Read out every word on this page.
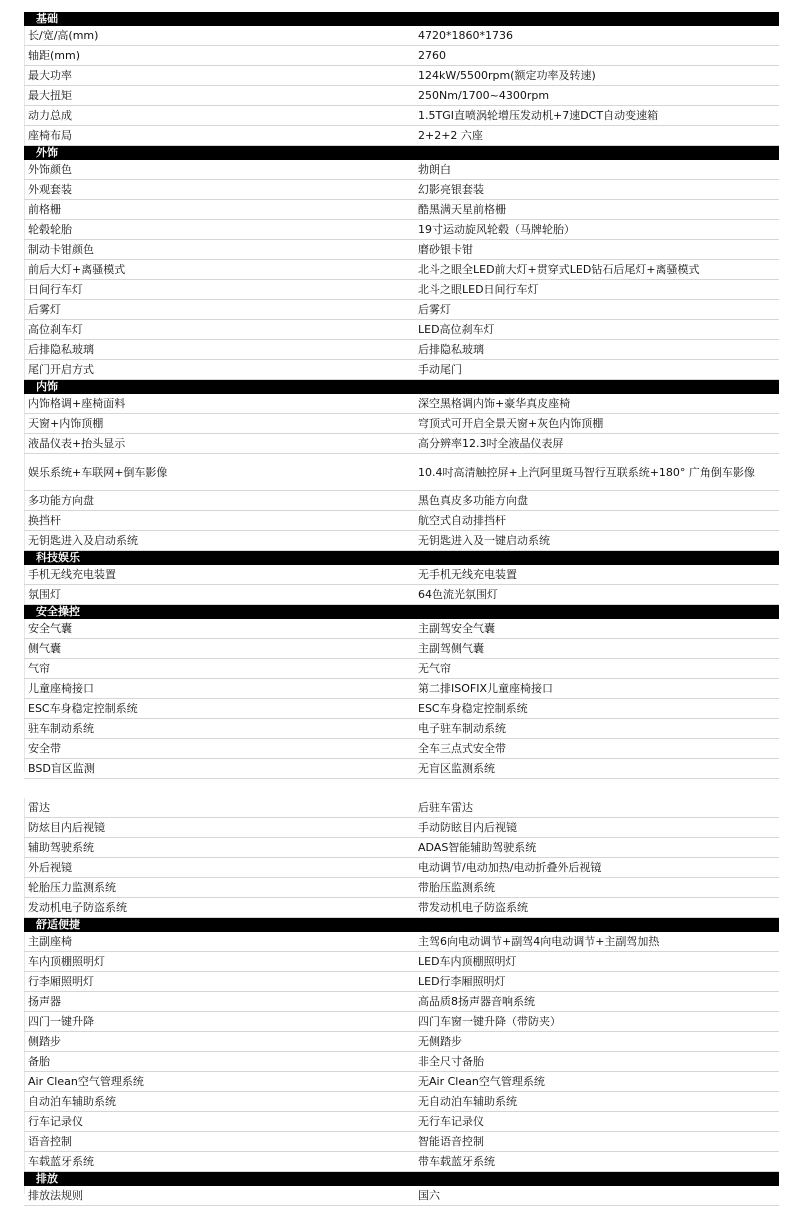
基础	
长/宽/高(mm)	4720*1860*1736
轴距(mm)	2760
最大功率	124kW/5500rpm(额定功率及转速)
最大扭矩	250Nm/1700~4300rpm
动力总成	1.5TGI直喷涡轮增压发动机+7速DCT自动变速箱
座椅布局	2+2+2 六座
外饰	
外饰颜色	勃朗白
外观套装	幻影亮银套装
前格栅	酷黑满天星前格栅
轮毂轮胎	19寸运动旋风轮毂（马牌轮胎）
制动卡钳颜色	磨砂银卡钳
前后大灯+离骚模式	北斗之眼全LED前大灯+贯穿式LED钻石后尾灯+离骚模式
日间行车灯	北斗之眼LED日间行车灯
后雾灯	后雾灯
高位刹车灯	LED高位刹车灯
后排隐私玻璃	后排隐私玻璃
尾门开启方式	手动尾门
内饰	
内饰格调+座椅面料	深空黑格调内饰+豪华真皮座椅
天窗+内饰顶棚	穹顶式可开启全景天窗+灰色内饰顶棚
液晶仪表+抬头显示	高分辨率12.3吋全液晶仪表屏
娱乐系统+车联网+倒车影像	10.4吋高清触控屏+上汽阿里斑马智行互联系统+180° 广角倒车影像
多功能方向盘	黑色真皮多功能方向盘
换挡杆	航空式自动排挡杆
无钥匙进入及启动系统	无钥匙进入及一键启动系统
科技娱乐	
手机无线充电装置	无手机无线充电装置
氛围灯	64色流光氛围灯
安全操控	
安全气囊	主副驾安全气囊
侧气囊	主副驾侧气囊
气帘	无气帘
儿童座椅接口	第二排ISOFIX儿童座椅接口
ESC车身稳定控制系统	ESC车身稳定控制系统
驻车制动系统	电子驻车制动系统
安全带	全车三点式安全带
BSD盲区监测	无盲区监测系统
雷达	后驻车雷达
防炫目内后视镜	手动防眩目内后视镜
辅助驾驶系统	ADAS智能辅助驾驶系统
外后视镜	电动调节/电动加热/电动折叠外后视镜
轮胎压力监测系统	带胎压监测系统
发动机电子防盗系统	带发动机电子防盗系统
舒适便捷	
主副座椅	主驾6向电动调节+副驾4向电动调节+主副驾加热
车内顶棚照明灯	LED车内顶棚照明灯
行李厢照明灯	LED行李厢照明灯
扬声器	高品质8扬声器音响系统
四门一键升降	四门车窗一键升降（带防夹）
侧踏步	无侧踏步
备胎	非全尺寸备胎
Air Clean空气管理系统	无Air Clean空气管理系统
自动泊车辅助系统	无自动泊车辅助系统
行车记录仪	无行车记录仪
语音控制	智能语音控制
车载蓝牙系统	带车载蓝牙系统
排放	
排放法规则	国六
